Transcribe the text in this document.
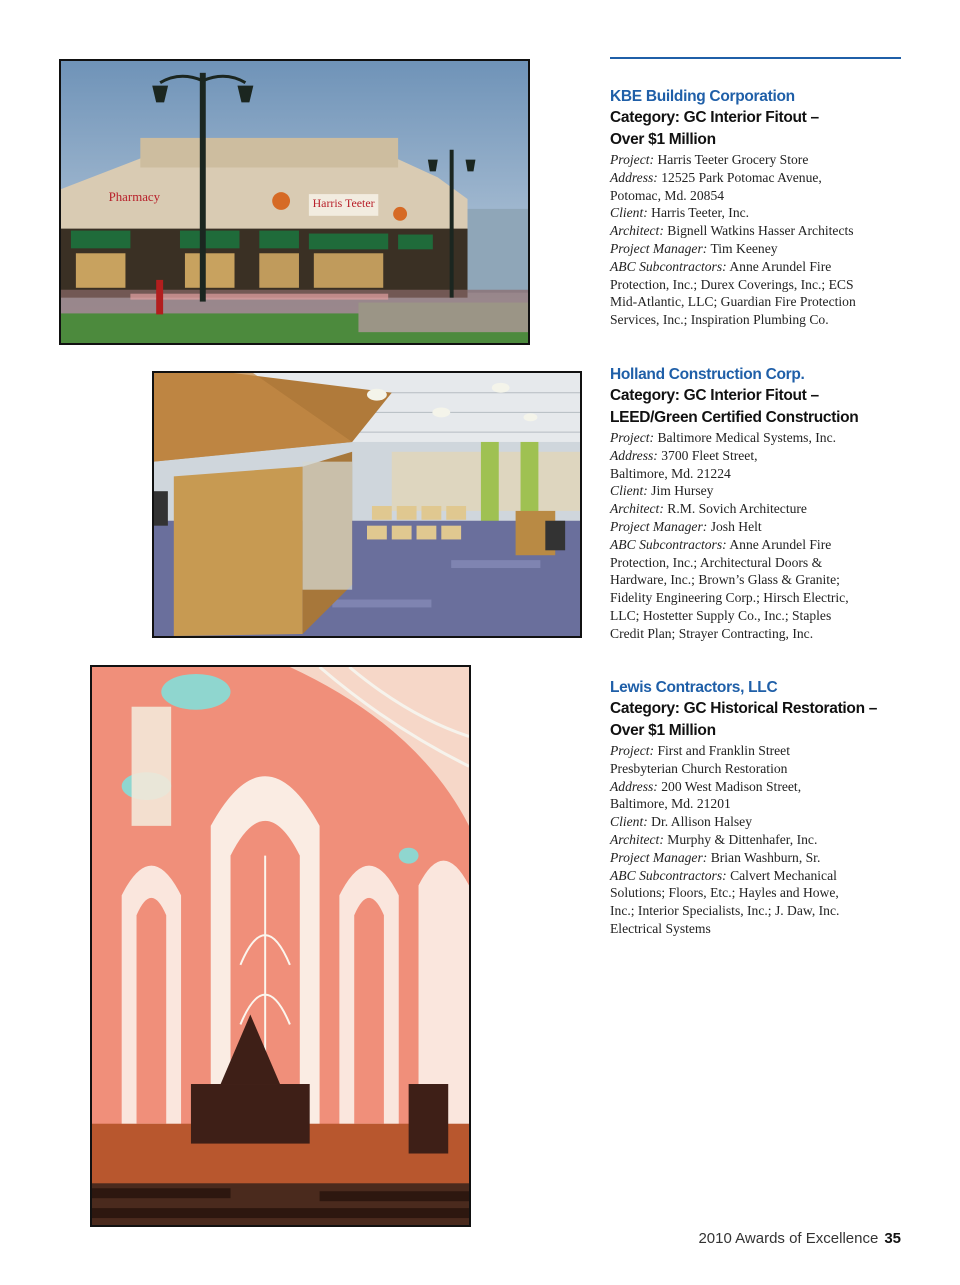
Pharmacy	Harris Teeter
KBE Building Corporation
Category: GC Interior Fitout –
Over $1 Million
Project: Harris Teeter Grocery Store
Address: 12525 Park Potomac Avenue,
Potomac, Md. 20854
Client: Harris Teeter, Inc.
Architect: Bignell Watkins Hasser Architects
Project Manager: Tim Keeney
ABC Subcontractors: Anne Arundel Fire
Protection, Inc.; Durex Coverings, Inc.; ECS
Mid-Atlantic, LLC; Guardian Fire Protection
Services, Inc.; Inspiration Plumbing Co.
Holland Construction Corp.
Category: GC Interior Fitout –
LEED/Green Certified Construction
Project: Baltimore Medical Systems, Inc.
Address: 3700 Fleet Street,
Baltimore, Md. 21224
Client: Jim Hursey
Architect: R.M. Sovich Architecture
Project Manager: Josh Helt
ABC Subcontractors: Anne Arundel Fire
Protection, Inc.; Architectural Doors &
Hardware, Inc.; Brown’s Glass & Granite;
Fidelity Engineering Corp.; Hirsch Electric,
LLC; Hostetter Supply Co., Inc.; Staples
Credit Plan; Strayer Contracting, Inc.
Lewis Contractors, LLC
Category: GC Historical Restoration –
Over $1 Million
Project: First and Franklin Street
Presbyterian Church Restoration
Address: 200 West Madison Street,
Baltimore, Md. 21201
Client: Dr. Allison Halsey
Architect: Murphy & Dittenhafer, Inc.
Project Manager: Brian Washburn, Sr.
ABC Subcontractors: Calvert Mechanical
Solutions; Floors, Etc.; Hayles and Howe,
Inc.; Interior Specialists, Inc.; J. Daw, Inc.
Electrical Systems
2010 Awards of Excellence 35
